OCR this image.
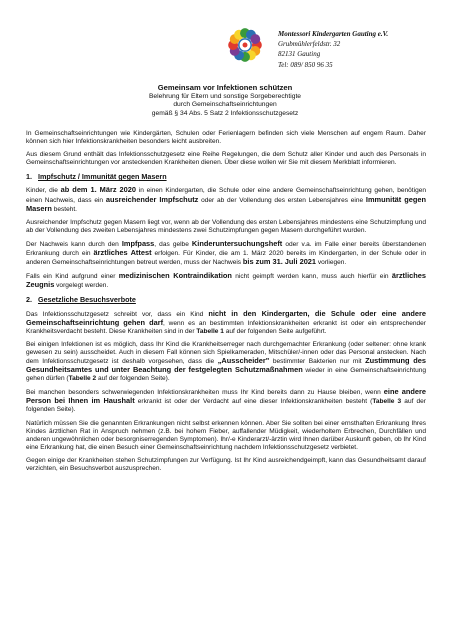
Montessori Kindergarten Gauting e.V.
Grubmühlerfeldstr. 32
82131 Gauting
Tel: 089/ 850 96 35
Gemeinsam vor Infektionen schützen
Belehrung für Eltern und sonstige Sorgeberechtigte
durch Gemeinschaftseinrichtungen
gemäß § 34 Abs. 5 Satz 2 Infektionsschutzgesetz

In Gemeinschaftseinrichtungen wie Kindergärten, Schulen oder Ferienlagern befinden sich viele Menschen auf engem Raum. Daher können sich hier Infektionskrankheiten besonders leicht ausbreiten.

Aus diesem Grund enthält das Infektionsschutzgesetz eine Reihe Regelungen, die dem Schutz aller Kinder und auch des Personals in Gemeinschaftseinrichtungen vor ansteckenden Krankheiten dienen. Über diese wollen wir Sie mit diesem Merkblatt informieren.

1. Impfschutz / Immunität gegen Masern

Kinder, die ab dem 1. März 2020 in einen Kindergarten, die Schule oder eine andere Gemeinschaftseinrichtung gehen, benötigen einen Nachweis, dass ein ausreichender Impfschutz oder ab der Vollendung des ersten Lebensjahres eine Immunität gegen Masern besteht.

Ausreichender Impfschutz gegen Masern liegt vor, wenn ab der Vollendung des ersten Lebensjahres mindestens eine Schutzimpfung und ab der Vollendung des zweiten Lebensjahres mindestens zwei Schutzimpfungen gegen Masern durchgeführt wurden.

Der Nachweis kann durch den Impfpass, das gelbe Kinderuntersuchungsheft oder v.a. im Falle einer bereits überstandenen Erkrankung durch ein ärztliches Attest erfolgen. Für Kinder, die am 1. März 2020 bereits im Kindergarten, in der Schule oder in anderen Gemeinschaftseinrichtungen betreut werden, muss der Nachweis bis zum 31. Juli 2021 vorliegen.

Falls ein Kind aufgrund einer medizinischen Kontraindikation nicht geimpft werden kann, muss auch hierfür ein ärztliches Zeugnis vorgelegt werden.

2. Gesetzliche Besuchsverbote

Das Infektionsschutzgesetz schreibt vor, dass ein Kind nicht in den Kindergarten, die Schule oder eine andere Gemeinschaftseinrichtung gehen darf, wenn es an bestimmten Infektionskrankheiten erkrankt ist oder ein entsprechender Krankheitsverdacht besteht. Diese Krankheiten sind in der Tabelle 1 auf der folgenden Seite aufgeführt.

Bei einigen Infektionen ist es möglich, dass Ihr Kind die Krankheitserreger nach durchgemachter Erkrankung (oder seltener: ohne krank gewesen zu sein) ausscheidet. Auch in diesem Fall können sich Spielkameraden, Mitschüler/-innen oder das Personal anstecken. Nach dem Infektionsschutzgesetz ist deshalb vorgesehen, dass die „Ausscheider" bestimmter Bakterien nur mit Zustimmung des Gesundheitsamtes und unter Beachtung der festgelegten Schutzmaßnahmen wieder in eine Gemeinschaftseinrichtung gehen dürfen (Tabelle 2 auf der folgenden Seite).

Bei manchen besonders schwerwiegenden Infektionskrankheiten muss Ihr Kind bereits dann zu Hause bleiben, wenn eine andere Person bei Ihnen im Haushalt erkrankt ist oder der Verdacht auf eine dieser Infektionskrankheiten besteht (Tabelle 3 auf der folgenden Seite).

Natürlich müssen Sie die genannten Erkrankungen nicht selbst erkennen können. Aber Sie sollten bei einer ernsthaften Erkrankung Ihres Kindes ärztlichen Rat in Anspruch nehmen (z.B. bei hohem Fieber, auffallender Müdigkeit, wiederholtem Erbrechen, Durchfällen und anderen ungewöhnlichen oder besorgniserregenden Symptomen). Ihr/-e Kinderarzt/-ärztin wird Ihnen darüber Auskunft geben, ob Ihr Kind eine Erkrankung hat, die einen Besuch einer Gemeinschaftseinrichtung nachdem Infektionsschutzgesetz verbietet.

Gegen einige der Krankheiten stehen Schutzimpfungen zur Verfügung. Ist Ihr Kind ausreichendgeimpft, kann das Gesundheitsamt darauf verzichten, ein Besuchsverbot auszusprechen.
